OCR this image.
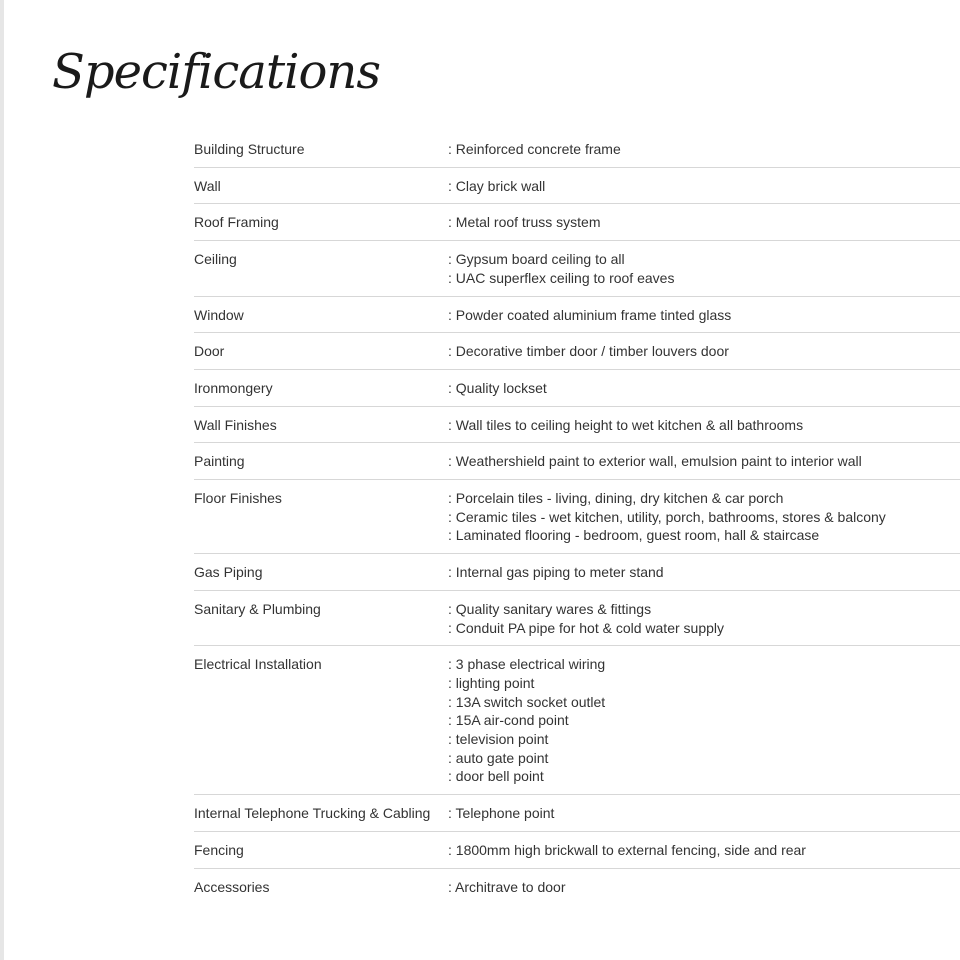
Specifications
Building Structure	: Reinforced concrete frame
Wall	: Clay brick wall
Roof Framing	: Metal roof truss system
Ceiling	: Gypsum board ceiling to all
: UAC superflex ceiling to roof eaves
Window	: Powder coated aluminium frame tinted glass
Door	: Decorative timber door / timber louvers door
Ironmongery	: Quality lockset
Wall Finishes	: Wall tiles to ceiling height to wet kitchen & all bathrooms
Painting	: Weathershield paint to exterior wall, emulsion paint to interior wall
Floor Finishes	: Porcelain tiles - living, dining, dry kitchen & car porch
: Ceramic tiles - wet kitchen, utility, porch, bathrooms, stores & balcony
: Laminated flooring - bedroom, guest room, hall & staircase
Gas Piping	: Internal gas piping to meter stand
Sanitary & Plumbing	: Quality sanitary wares & fittings
: Conduit PA pipe for hot & cold water supply
Electrical Installation	: 3 phase electrical wiring
: lighting point
: 13A switch socket outlet
: 15A air-cond point
: television point
: auto gate point
: door bell point
Internal Telephone Trucking & Cabling	: Telephone point
Fencing	: 1800mm high brickwall to external fencing, side and rear
Accessories	: Architrave to door
